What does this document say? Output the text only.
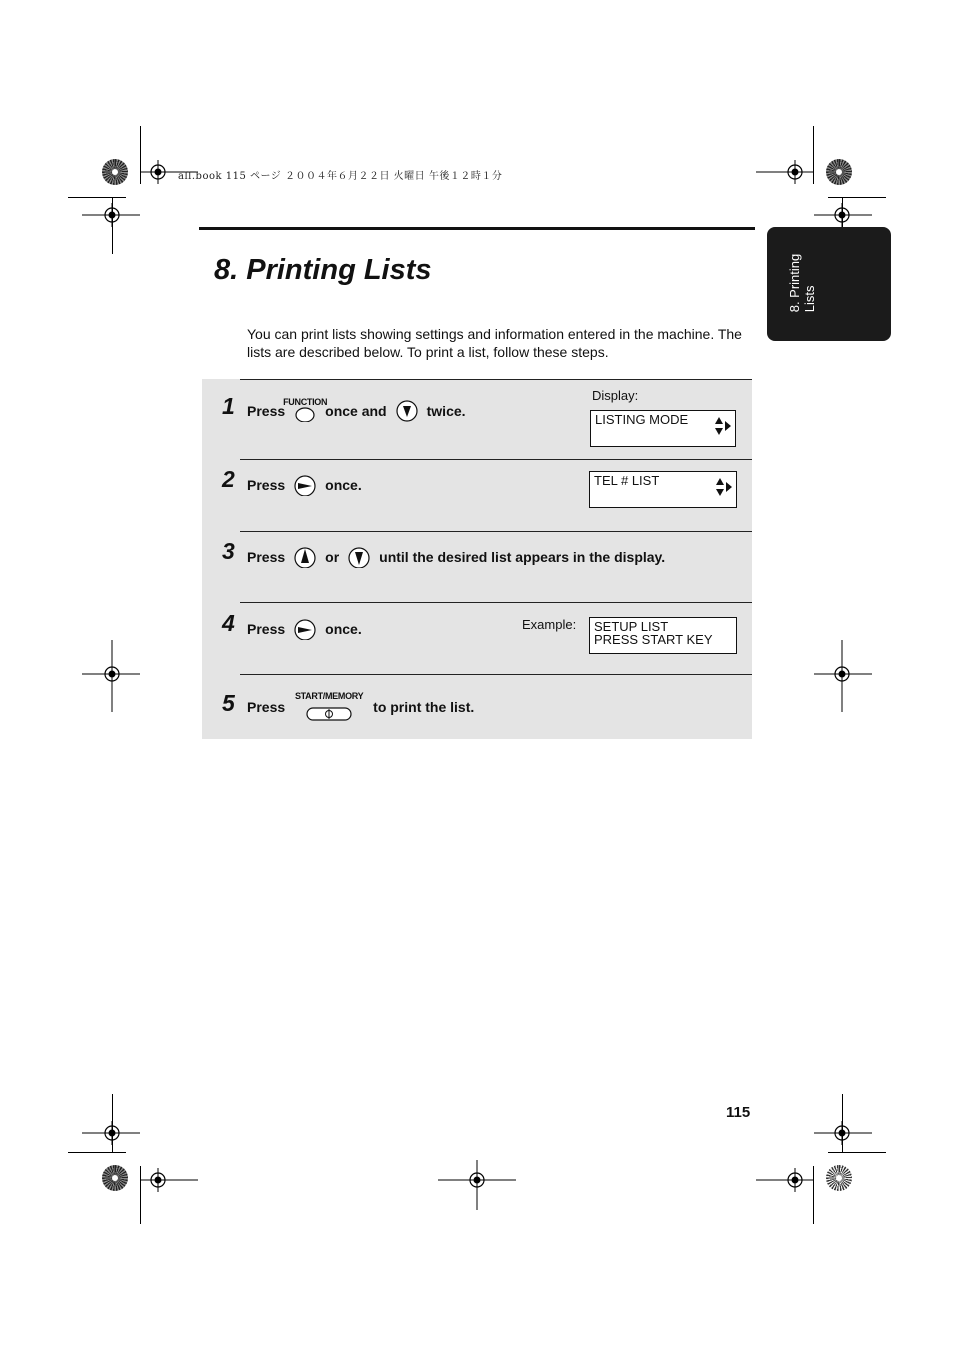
all.book 115 ページ ２００４年６月２２日 火曜日 午後１２時１分
8. Printing
Lists
8. Printing Lists
You can print lists showing settings and information entered in the machine. The lists are described below. To print a list, follow these steps.
1 Press
FUNCTION
once and	twice.
Display:
LISTING MODE
2 Press	once.	TEL # LIST
3 Press	or	until the desired list appears in the display.
4 Press	once.	Example: SETUP LIST
PRESS START KEY
5 Press
START/MEMORY
to print the list.
115
